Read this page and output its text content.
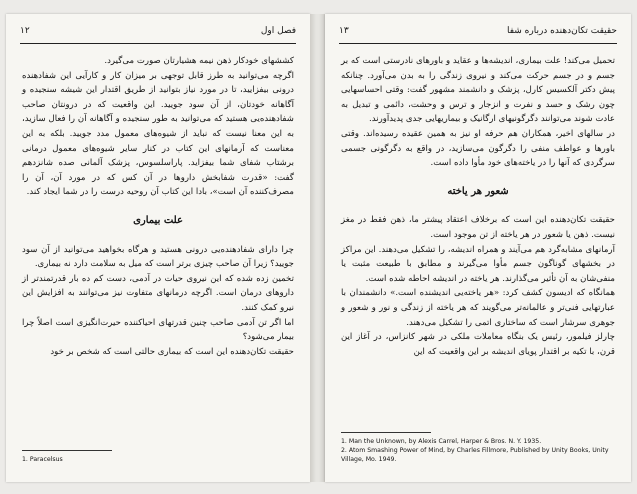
فصل اول
۱۲

کششهای خودکار ذهن نیمه هشیارتان صورت می‌گیرد.

اگرچه می‌توانید به طرز قابل توجهی بر میزان کار و کارآیی این شفادهنده درونی بیفزایید، تا در مورد نیاز بتوانید از طریق اقتدار این شیشه سنجیده و آگاهانه خودتان، از آن سود جویید. این واقعیت که در درونتان صاحب شفادهنده‌یی هستید که می‌توانید به طور سنجیده و آگاهانه آن را فعال سازید، به این معنا نیست که نباید از شیوه‌های معمول مدد جویید. بلکه به این معناست که آرمانهای این کتاب در کنار سایر شیوه‌های معمول درمانی برشتاب شفای شما بیفزاید. پاراسلسوس، پزشک آلمانی صده شانزدهم گفت: «قدرت شفابخش داروها در آن کس که در مورد آن، آن را مصرف‌کننده آن است»، بادا این کتاب آن روحیه درست را در شما ایجاد کند.

علت بیماری

چرا دارای شفادهنده‌یی درونی هستید و هرگاه بخواهید می‌توانید از آن سود جویید؟ زیرا آن صاحب چیزی برتر است که میل به سلامت دارد نه بیماری.

تخمین زده شده که این نیروی حیات در آدمی، دست کم ده بار قدرتمندتر از داروهای درمان است. اگرچه درمانهای متفاوت نیز می‌توانند به افزایش این نیرو کمک کنند.

اما اگر تن آدمی صاحب چنین قدرتهای احیاکننده حیرت‌انگیزی است اصلاً چرا بیمار می‌شود؟

حقیقت تکان‌دهنده این است که بیماری حالتی است که شخص بر خود

1. Paracelsus

حقیقت تکان‌دهنده درباره شفا
۱۳

تحمیل می‌کند! علت بیماری، اندیشه‌ها و عقاید و باورهای نادرستی است که بر جسم و در جسم حرکت می‌کند و نیروی زندگی را به بدن می‌آورد. چنانکه پیش دکتر آلکسیس کارل، پزشک و دانشمند مشهور گفت: وقتی احساسهایی چون رشک و حسد و نفرت و انزجار و ترس و وحشت، دائمی و تبدیل به عادت شوند می‌توانند دگرگونیهای ارگانیک و بیماریهایی جدی پدیدآورند.

در سالهای اخیر، همکاران هم حرفه او نیز به همین عقیده رسیده‌اند. وقتی باورها و عواطف منفی را دگرگون می‌سازید، در واقع به دگرگونی جسمی سرگردی که آنها را در یاخته‌های خود مأوا داده است.

شعور هر یاخته

حقیقت تکان‌دهنده این است که برخلاف اعتقاد پیشتر ما، ذهن فقط در مغز نیست. ذهن یا شعور در هر یاخته از تن موجود است.

آرمانهای مشابه‌گرد هم می‌آیند و همراه اندیشه، را تشکیل می‌دهند. این مراکز در بخشهای گوناگون جسم مأوا می‌گیرند و مطابق با طبیعت مثبت یا منفی‌شان به آن تأثیر می‌گذارند. هر یاخته در اندیشه احاطه شده است.

همانگاه که ادیسون کشف کرد: «هر یاخته‌یی اندیشنده است.» دانشمندان با عبارتهایی فنی‌تر و عالمانه‌تر می‌گویند که هر یاخته از زندگی و نور و شعور و جوهری سرشار است که ساختاری اتمی را تشکیل می‌دهند.

چارلز فیلمور، رئیس یک بنگاه معاملات ملکی در شهر کانزاس، در آغاز این قرن، با تکیه بر اقتدار پویای اندیشه بر این واقعیت که این

1. Man the Unknown, by Alexis Carrel, Harper & Bros. N. Y. 1935.

2. Atom Smashing Power of Mind, by Charles Fillmore, Published by Unity Books, Unity Village, Mo. 1949.
